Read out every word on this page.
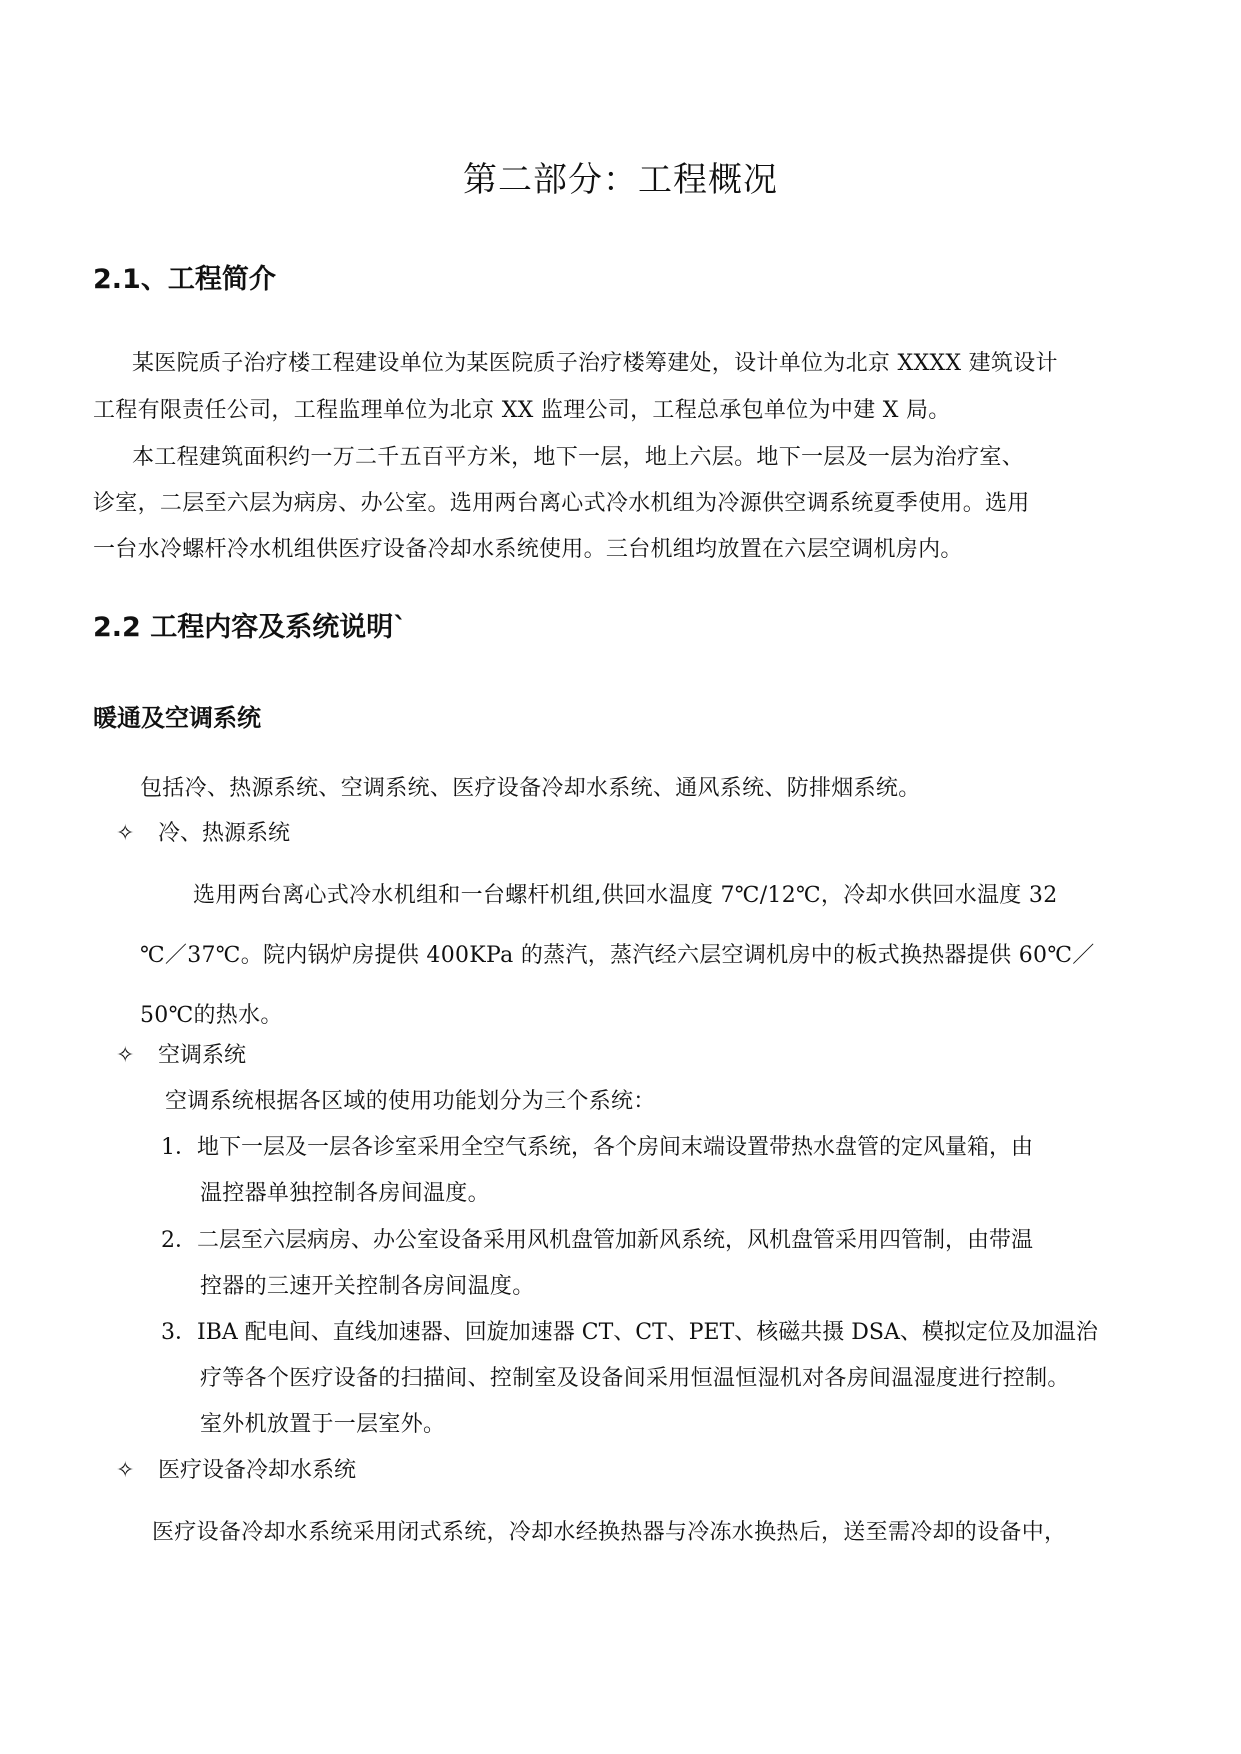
第二部分：工程概况
2.1、工程简介
某医院质子治疗楼工程建设单位为某医院质子治疗楼筹建处，设计单位为北京 XXXX 建筑设计
工程有限责任公司，工程监理单位为北京 XX 监理公司，工程总承包单位为中建 X 局。
本工程建筑面积约一万二千五百平方米，地下一层，地上六层。地下一层及一层为治疗室、
诊室，二层至六层为病房、办公室。选用两台离心式冷水机组为冷源供空调系统夏季使用。选用
一台水冷螺杆冷水机组供医疗设备冷却水系统使用。三台机组均放置在六层空调机房内。
2.2 工程内容及系统说明`
暖通及空调系统
包括冷、热源系统、空调系统、医疗设备冷却水系统、通风系统、防排烟系统。
✧ 冷、热源系统
选用两台离心式冷水机组和一台螺杆机组,供回水温度 7℃/12℃，冷却水供回水温度 32
℃／37℃。院内锅炉房提供 400KPa 的蒸汽，蒸汽经六层空调机房中的板式换热器提供 60℃／
50℃的热水。
✧ 空调系统
空调系统根据各区域的使用功能划分为三个系统：
1．地下一层及一层各诊室采用全空气系统，各个房间末端设置带热水盘管的定风量箱，由
温控器单独控制各房间温度。
2．二层至六层病房、办公室设备采用风机盘管加新风系统，风机盘管采用四管制，由带温
控器的三速开关控制各房间温度。
3．IBA 配电间、直线加速器、回旋加速器 CT、CT、PET、核磁共摄 DSA、模拟定位及加温治
疗等各个医疗设备的扫描间、控制室及设备间采用恒温恒湿机对各房间温湿度进行控制。
室外机放置于一层室外。
✧ 医疗设备冷却水系统
医疗设备冷却水系统采用闭式系统，冷却水经换热器与冷冻水换热后，送至需冷却的设备中，
